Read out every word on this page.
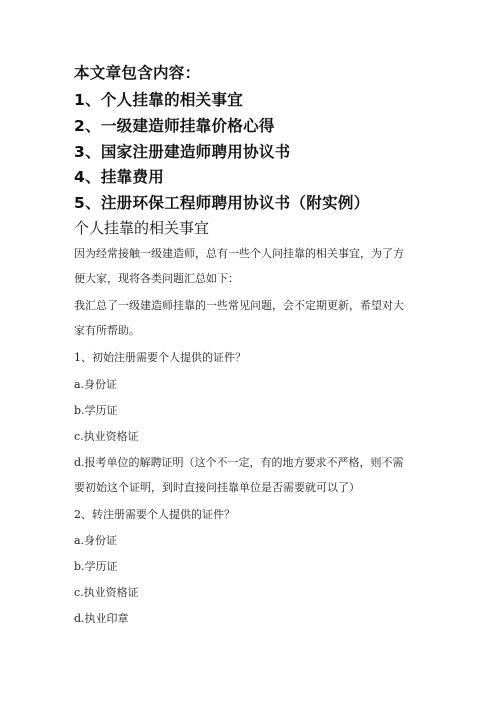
本文章包含内容：
1、个人挂靠的相关事宜
2、一级建造师挂靠价格心得
3、国家注册建造师聘用协议书
4、挂靠费用
5、注册环保工程师聘用协议书（附实例）
个人挂靠的相关事宜
因为经常接触一级建造师，总有一些个人问挂靠的相关事宜，为了方
便大家，现将各类问题汇总如下：
我汇总了一级建造师挂靠的一些常见问题，会不定期更新，希望对大
家有所帮助。
1、初始注册需要个人提供的证件？
a.身份证
b.学历证
c.执业资格证
d.报考单位的解聘证明（这个不一定，有的地方要求不严格，则不需
要初始这个证明，到时直接问挂靠单位是否需要就可以了）
2、转注册需要个人提供的证件？
a.身份证
b.学历证
c.执业资格证
d.执业印章
